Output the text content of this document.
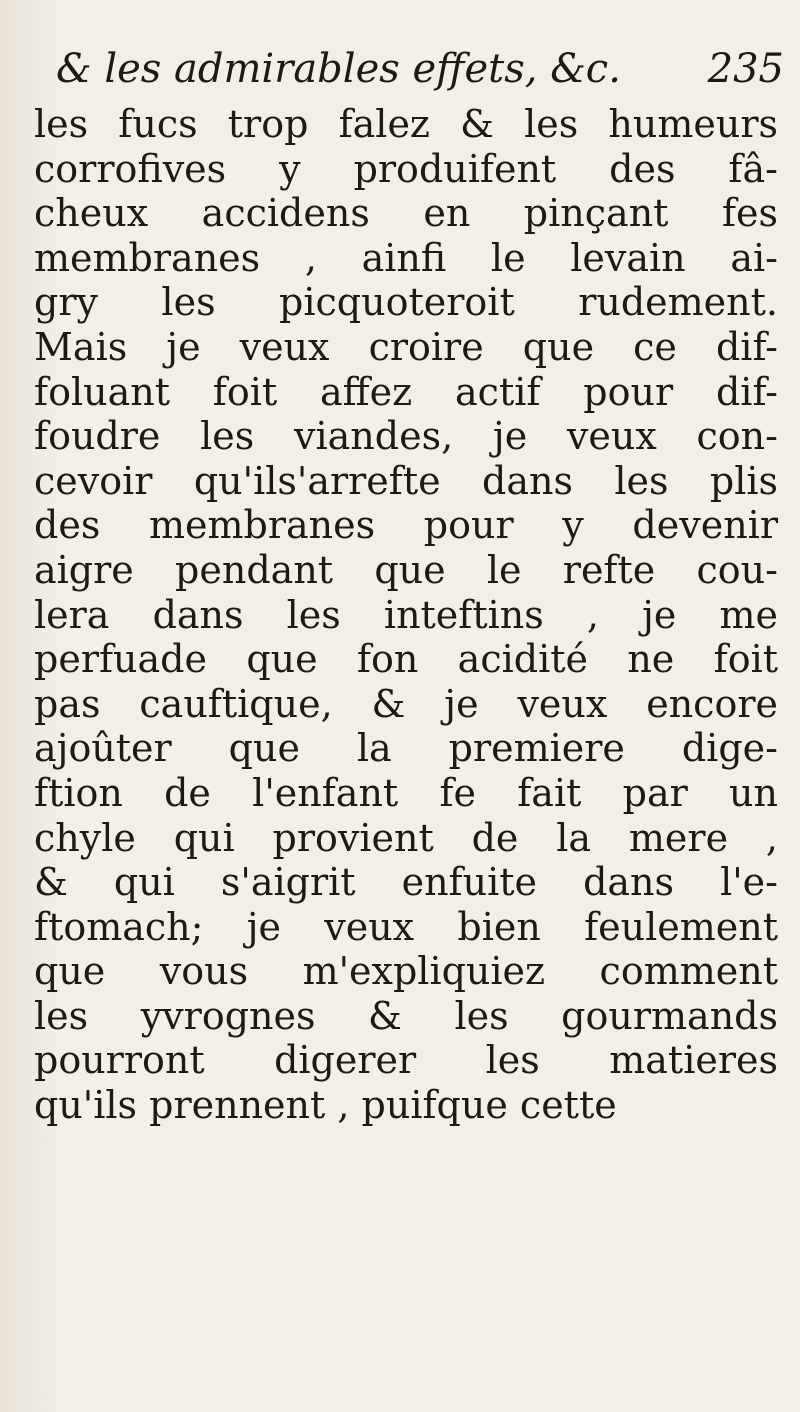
& les admirables effets, &c. 235
les fucs trop falez & les humeurs
corrofives y produifent des fâ-
cheux accidens en pinçant fes
membranes , ainfi le levain ai-
gry les picquoteroit rudement.
Mais je veux croire que ce dif-
foluant foit affez actif pour dif-
foudre les viandes, je veux con-
cevoir qu'ils'arrefte dans les plis
des membranes pour y devenir
aigre pendant que le refte cou-
lera dans les inteftins , je me
perfuade que fon acidité ne foit
pas cauftique, & je veux encore
ajoûter que la premiere dige-
ftion de l'enfant fe fait par un
chyle qui provient de la mere ,
& qui s'aigrit enfuite dans l'e-
ftomach; je veux bien feulement
que vous m'expliquiez comment
les yvrognes & les gourmands
pourront digerer les matieres
qu'ils prennent , puifque cette
